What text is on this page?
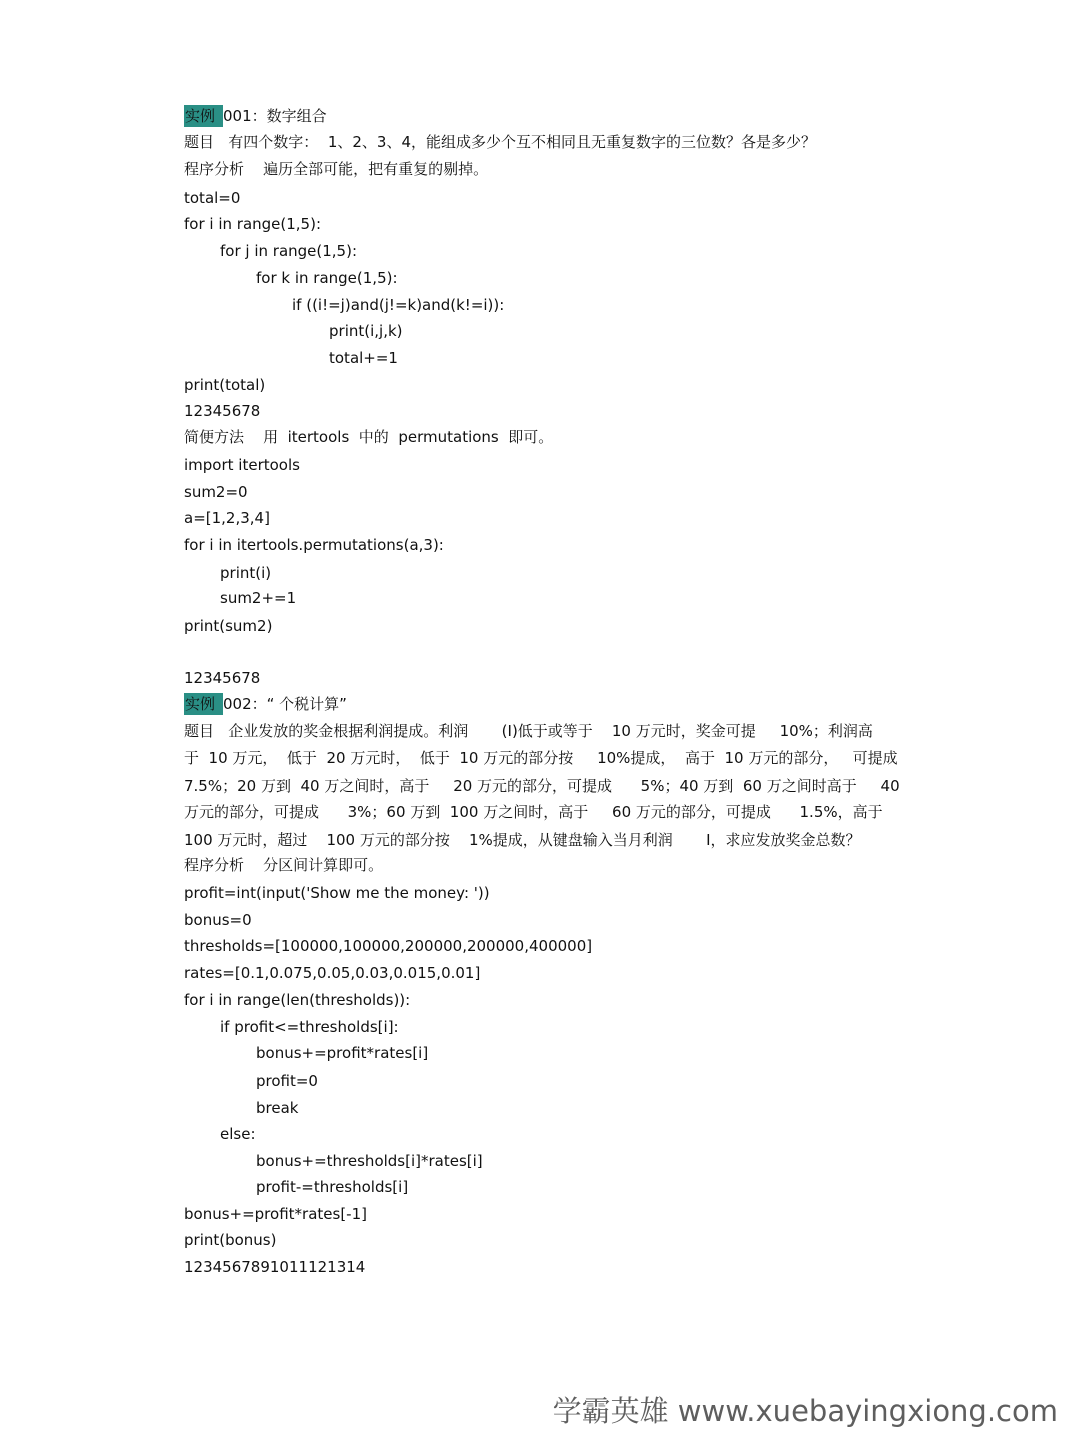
实例 001：数字组合

题目   有四个数字：  1、2、3、4，能组成多少个互不相同且无重复数字的三位数？各是多少？

程序分析    遍历全部可能，把有重复的剔掉。

total=0

for i in range(1,5):

for j in range(1,5):

for k in range(1,5):

if ((i!=j)and(j!=k)and(k!=i)):

print(i,j,k)

total+=1

print(total)

12345678

简便方法    用  itertools  中的  permutations  即可。

import itertools

sum2=0

a=[1,2,3,4]

for i in itertools.permutations(a,3):

print(i)

sum2+=1

print(sum2)

12345678

实例 002：“ 个税计算”

题目   企业发放的奖金根据利润提成。利润       (I)低于或等于    10 万元时，奖金可提     10%；利润高

于  10 万元，  低于  20 万元时，  低于  10 万元的部分按     10%提成，  高于  10 万元的部分，   可提成

7.5%；20 万到  40 万之间时，高于     20 万元的部分，可提成      5%；40 万到  60 万之间时高于     40

万元的部分，可提成      3%；60 万到  100 万之间时，高于     60 万元的部分，可提成      1.5%，高于

100 万元时，超过    100 万元的部分按    1%提成，从键盘输入当月利润       I，求应发放奖金总数？

程序分析    分区间计算即可。

profit=int(input('Show me the money: '))

bonus=0

thresholds=[100000,100000,200000,200000,400000]

rates=[0.1,0.075,0.05,0.03,0.015,0.01]

for i in range(len(thresholds)):

if profit<=thresholds[i]:

bonus+=profit*rates[i]

profit=0

break

else:

bonus+=thresholds[i]*rates[i]

profit-=thresholds[i]

bonus+=profit*rates[-1]

print(bonus)

1234567891011121314

学霸英雄 www.xuebayingxiong.com
